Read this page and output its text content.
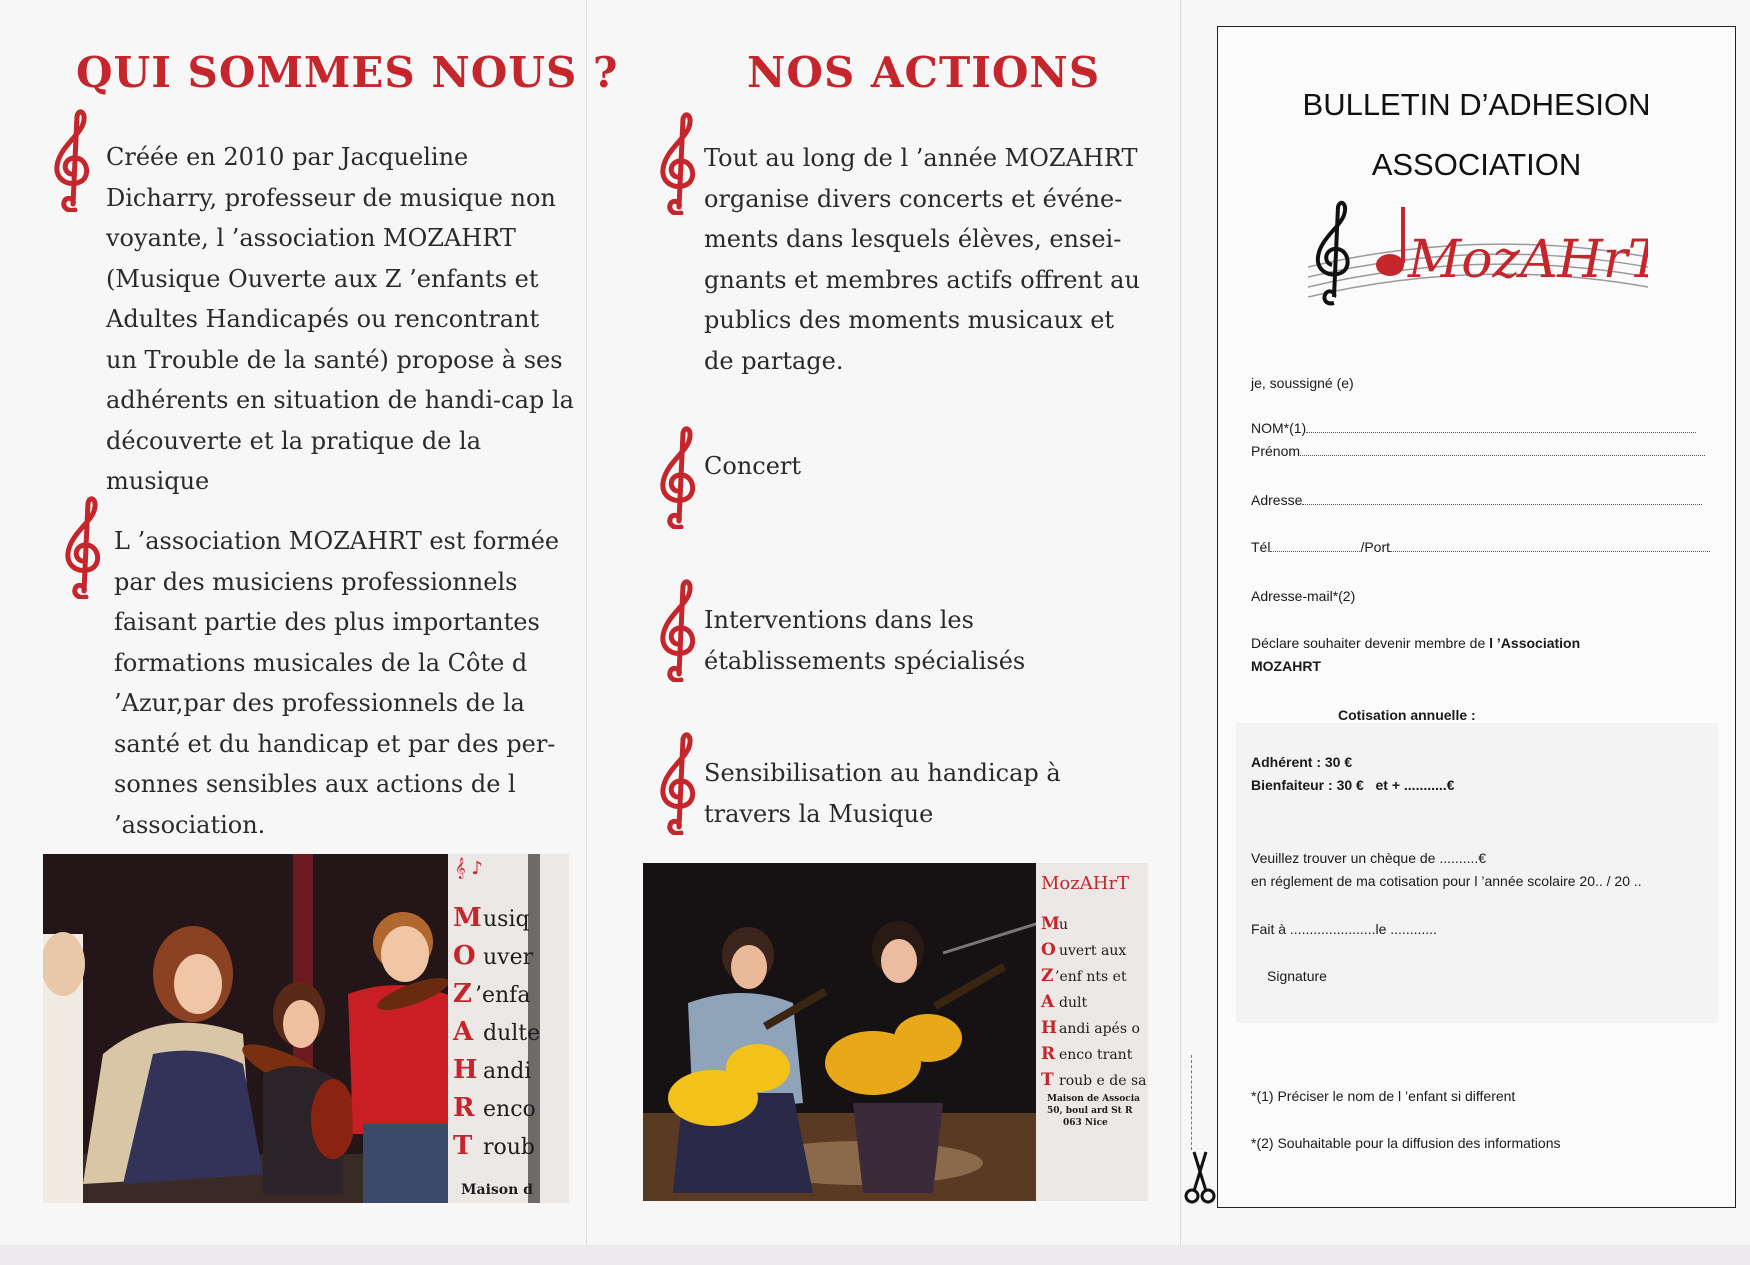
QUI SOMMES NOUS ?
Créée en 2010 par Jacqueline Dicharry, professeur de musique non voyante, l ’association MOZAHRT (Musique Ouverte aux Z ’enfants et Adultes Handicapés ou rencontrant un Trouble de la santé) propose à ses adhérents en situation de handi-cap la découverte et la pratique de la musique
L ’association MOZAHRT est formée par des musiciens professionnels faisant partie des plus importantes formations musicales de la Côte d ’Azur,par des professionnels de la santé et du handicap et par des per-sonnes sensibles aux actions de l ’association.
𝄞 ♪
M
O
Z
A
H
R
T
usiq
uver
’enfa
dulte
andi
enco
roub
Maison d
NOS ACTIONS
Tout au long de l ’année MOZAHRT organise divers concerts et événe-ments dans lesquels élèves, ensei-gnants et membres actifs offrent au publics des moments musicaux et de partage.
Concert
Interventions dans les établissements spécialisés
Sensibilisation au handicap à travers la Musique
MozAHrT
M
O
Z
A
H
R
T
u
uvert aux
’enf nts et
dult
andi apés o
enco trant
roub e de sa
Maison de Associa
50, boul ard St R
063 Nice
BULLETIN D’ADHESION
ASSOCIATION
MozAHrT
je, soussigné (e)
NOM*(1)
Prénom
Adresse
Tél	/Port
Adresse-mail*(2)
Déclare souhaiter devenir membre de l ’Association
MOZAHRT
Cotisation annuelle :
Adhérent : 30 €
Bienfaiteur : 30 € et + ...........€
Veuillez trouver un chèque de ..........€
en réglement de ma cotisation pour l ’année scolaire 20.. / 20 ..
Fait à ......................le ............
Signature
*(1) Préciser le nom de l ’enfant si different
*(2) Souhaitable pour la diffusion des informations
